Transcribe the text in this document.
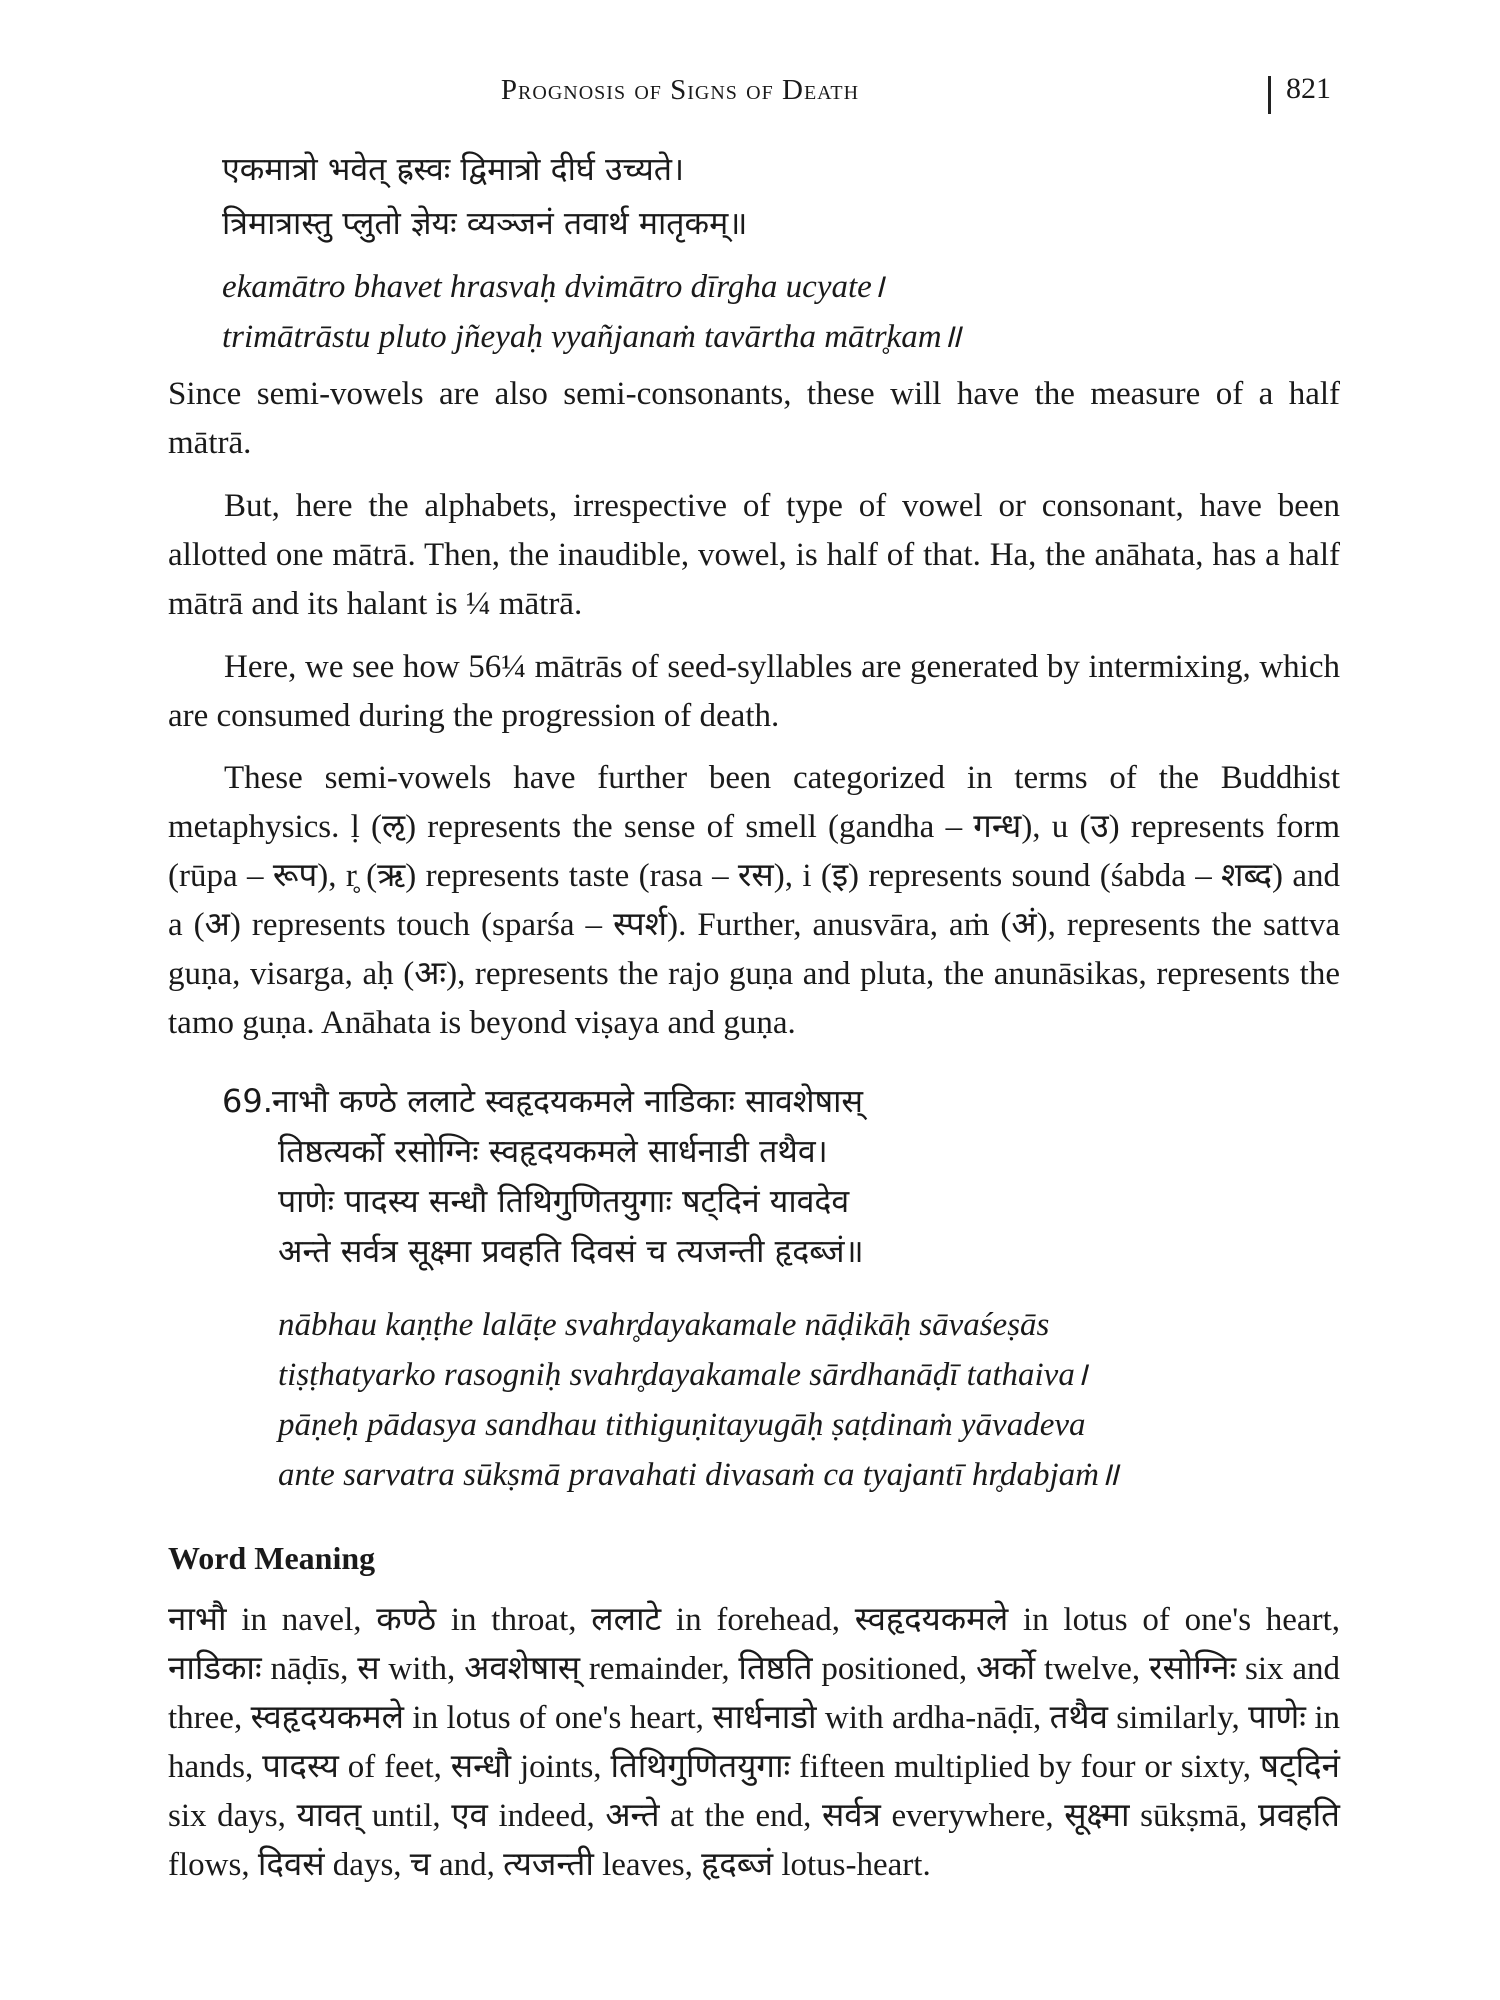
Prognosis of Signs of Death	821
एकमात्रो भवेत् ह्रस्वः द्विमात्रो दीर्घ उच्यते।
त्रिमात्रास्तु प्लुतो ज्ञेयः व्यञ्जनं तवार्थ मातृकम्॥
ekamātro bhavet hrasvaḥ dvimātro dīrgha ucyate।
trimātrāstu pluto jñeyaḥ vyañjanaṁ tavārtha mātr̥kam॥
Since semi-vowels are also semi-consonants, these will have the measure of a half mātrā.
But, here the alphabets, irrespective of type of vowel or consonant, have been allotted one mātrā. Then, the inaudible, vowel, is half of that. Ha, the anāhata, has a half mātrā and its halant is ¼ mātrā.
Here, we see how 56¼ mātrās of seed-syllables are generated by intermixing, which are consumed during the progression of death.
These semi-vowels have further been categorized in terms of the Buddhist metaphysics. ḷ (ऌ) represents the sense of smell (gandha – गन्ध), u (उ) represents form (rūpa – रूप), r̥ (ऋ) represents taste (rasa – रस), i (इ) represents sound (śabda – शब्द) and a (अ) represents touch (sparśa – स्पर्श). Further, anusvāra, aṁ (अं), represents the sattva guṇa, visarga, aḥ (अः), represents the rajo guṇa and pluta, the anunāsikas, represents the tamo guṇa. Anāhata is beyond viṣaya and guṇa.
69.नाभौ कण्ठे ललाटे स्वहृदयकमले नाडिकाः सावशेषास्
तिष्ठत्यर्को रसोग्निः स्वहृदयकमले सार्धनाडी तथैव।
पाणेः पादस्य सन्धौ तिथिगुणितयुगाः षट्दिनं यावदेव
अन्ते सर्वत्र सूक्ष्मा प्रवहति दिवसं च त्यजन्ती हृदब्जं॥
nābhau kaṇṭhe lalāṭe svahr̥dayakamale nāḍikāḥ sāvaśeṣās
tiṣṭhatyarko rasogniḥ svahr̥dayakamale sārdhanāḍī tathaiva।
pāṇeḥ pādasya sandhau tithiguṇitayugāḥ ṣaṭdinaṁ yāvadeva
ante sarvatra sūkṣmā pravahati divasaṁ ca tyajantī hr̥dabjaṁ॥
Word Meaning
नाभौ in navel, कण्ठे in throat, ललाटे in forehead, स्वहृदयकमले in lotus of one's heart, नाडिकाः nāḍīs, स with, अवशेषास् remainder, तिष्ठति positioned, अर्को twelve, रसोग्निः six and three, स्वहृदयकमले in lotus of one's heart, सार्धनाडो with ardha-nāḍī, तथैव similarly, पाणेः in hands, पादस्य of feet, सन्धौ joints, तिथिगुणितयुगाः fifteen multiplied by four or sixty, षट्दिनं six days, यावत् until, एव indeed, अन्ते at the end, सर्वत्र everywhere, सूक्ष्मा sūkṣmā, प्रवहति flows, दिवसं days, च and, त्यजन्ती leaves, हृदब्जं lotus-heart.
